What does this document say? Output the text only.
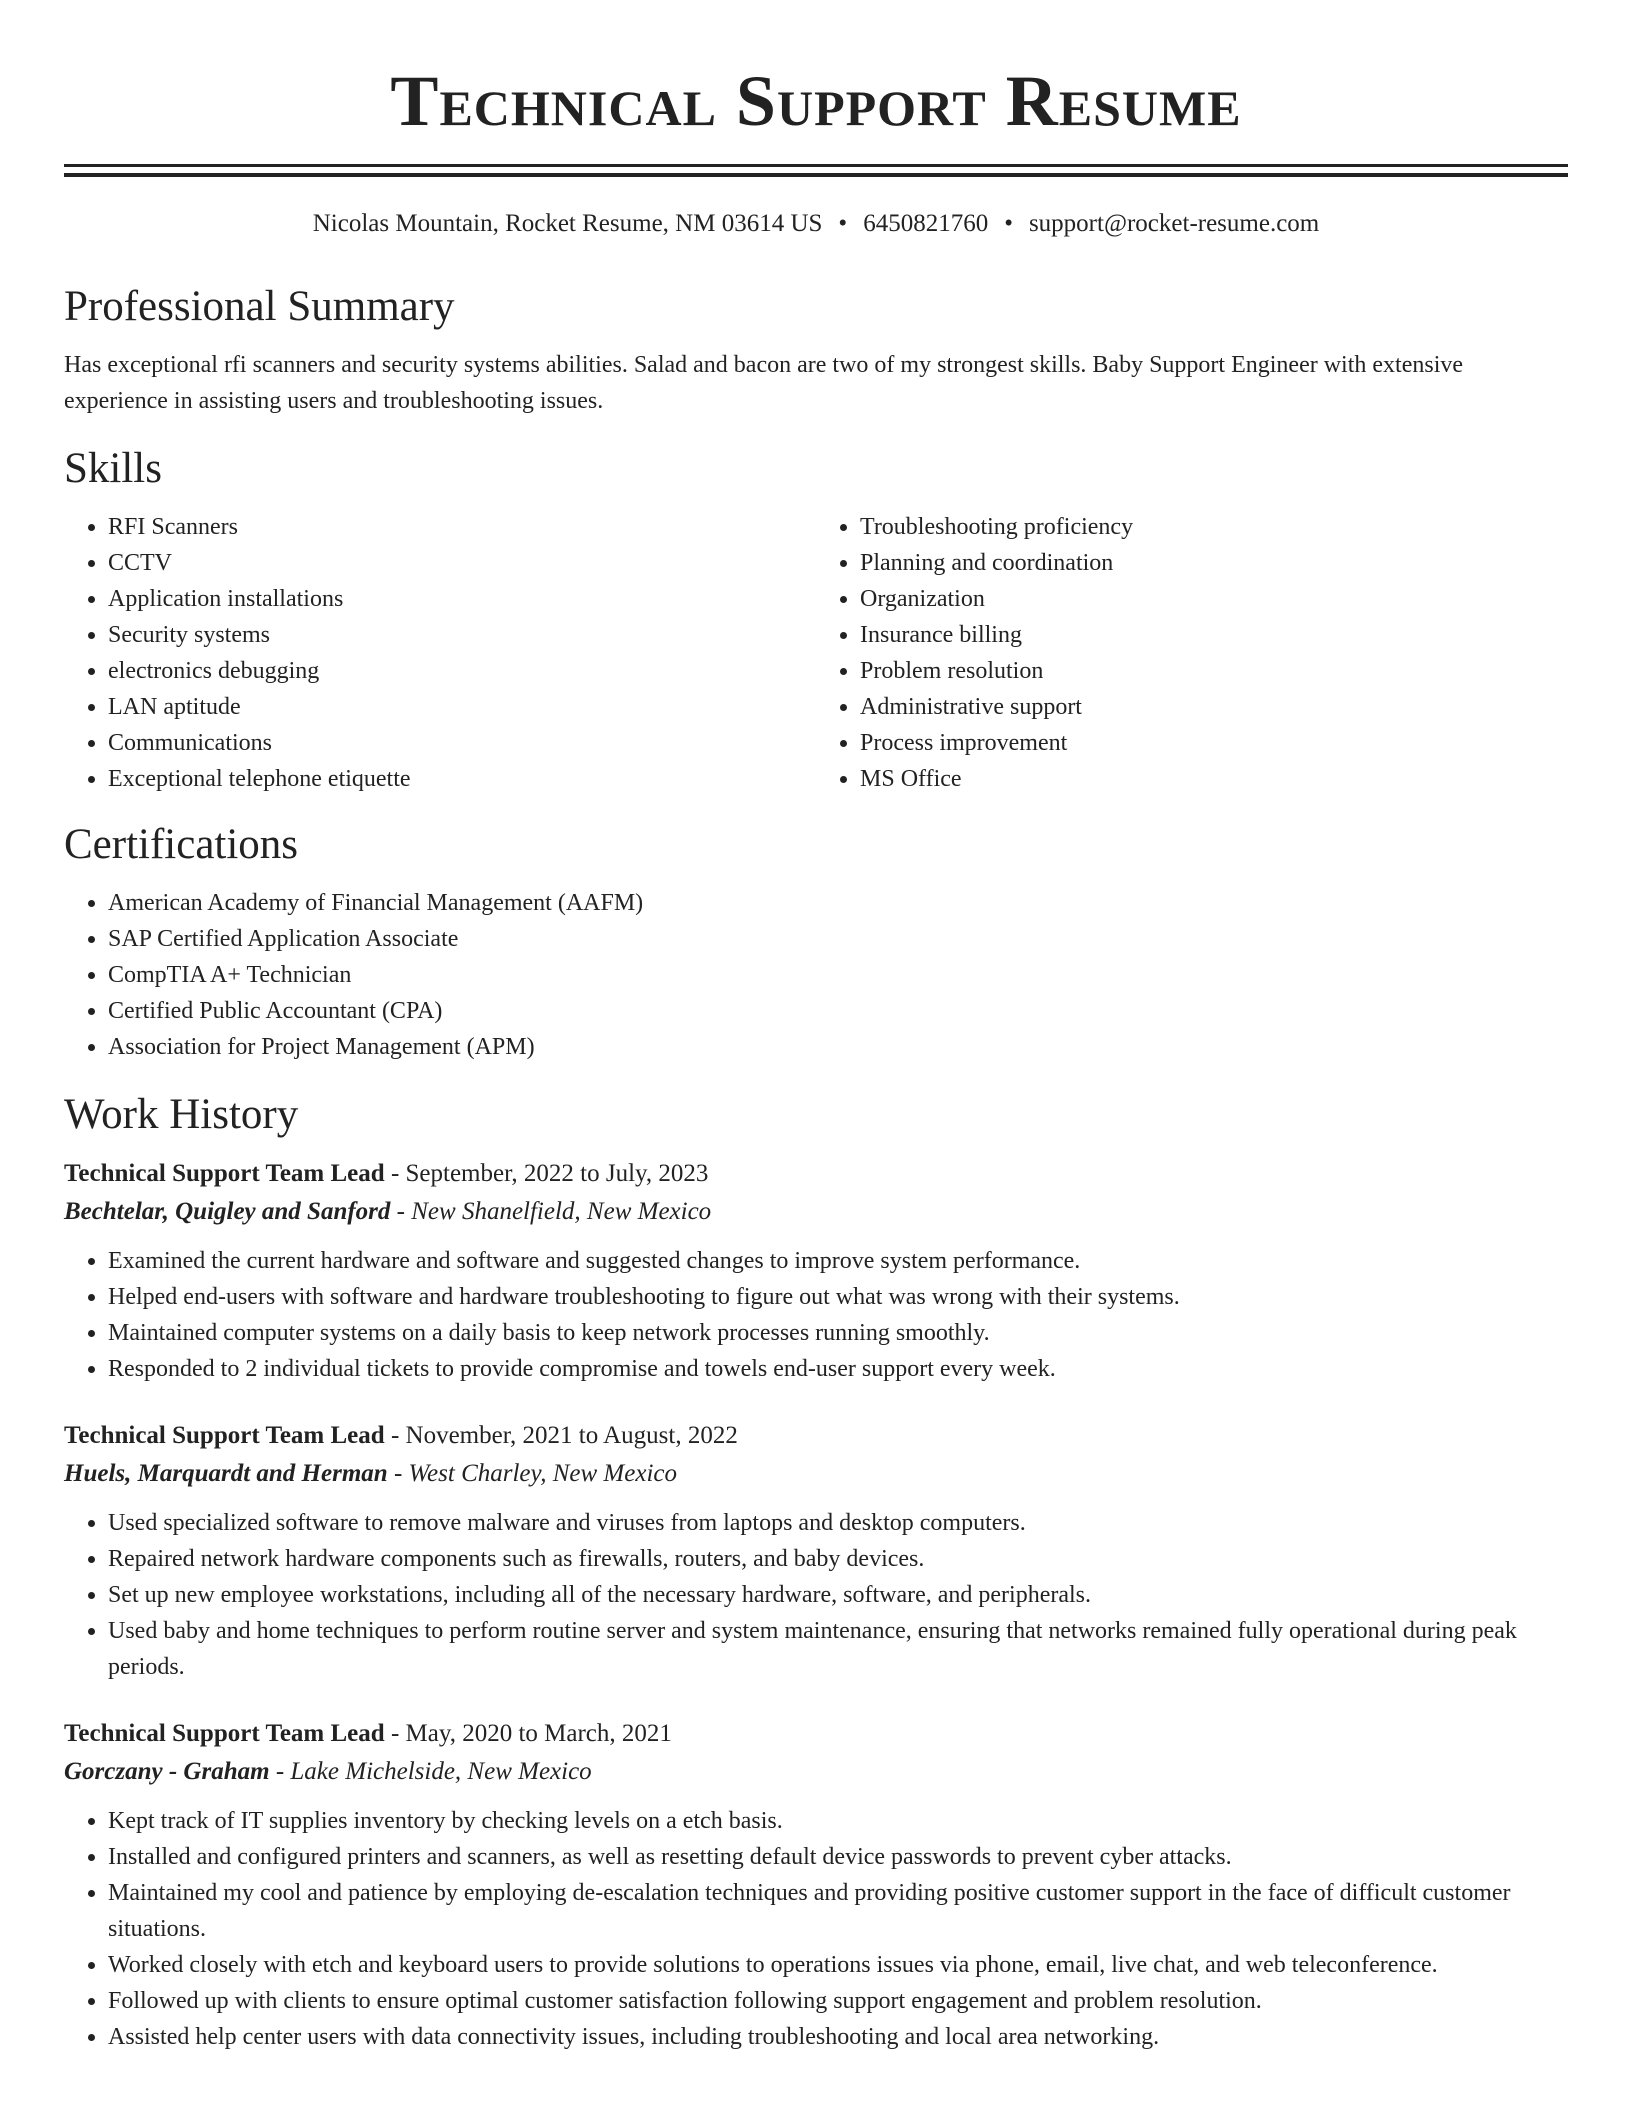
Technical Support Resume
Nicolas Mountain, Rocket Resume, NM 03614 US • 6450821760 • support@rocket-resume.com
Professional Summary

Has exceptional rfi scanners and security systems abilities. Salad and bacon are two of my strongest skills. Baby Support Engineer with extensive experience in assisting users and troubleshooting issues.

Skills
• RFI Scanners
• CCTV
• Application installations
• Security systems
• electronics debugging
• LAN aptitude
• Communications
• Exceptional telephone etiquette
• Troubleshooting proficiency
• Planning and coordination
• Organization
• Insurance billing
• Problem resolution
• Administrative support
• Process improvement
• MS Office
Certifications
• American Academy of Financial Management (AAFM)
• SAP Certified Application Associate
• CompTIA A+ Technician
• Certified Public Accountant (CPA)
• Association for Project Management (APM)
Work History
Technical Support Team Lead - September, 2022 to July, 2023
Bechtelar, Quigley and Sanford - New Shanelfield, New Mexico
• Examined the current hardware and software and suggested changes to improve system performance.
• Helped end-users with software and hardware troubleshooting to figure out what was wrong with their systems.
• Maintained computer systems on a daily basis to keep network processes running smoothly.
• Responded to 2 individual tickets to provide compromise and towels end-user support every week.
Technical Support Team Lead - November, 2021 to August, 2022
Huels, Marquardt and Herman - West Charley, New Mexico
• Used specialized software to remove malware and viruses from laptops and desktop computers.
• Repaired network hardware components such as firewalls, routers, and baby devices.
• Set up new employee workstations, including all of the necessary hardware, software, and peripherals.
• Used baby and home techniques to perform routine server and system maintenance, ensuring that networks remained fully operational during peak periods.
Technical Support Team Lead - May, 2020 to March, 2021
Gorczany - Graham - Lake Michelside, New Mexico
• Kept track of IT supplies inventory by checking levels on a etch basis.
• Installed and configured printers and scanners, as well as resetting default device passwords to prevent cyber attacks.
• Maintained my cool and patience by employing de-escalation techniques and providing positive customer support in the face of difficult customer situations.
• Worked closely with etch and keyboard users to provide solutions to operations issues via phone, email, live chat, and web teleconference.
• Followed up with clients to ensure optimal customer satisfaction following support engagement and problem resolution.
• Assisted help center users with data connectivity issues, including troubleshooting and local area networking.
